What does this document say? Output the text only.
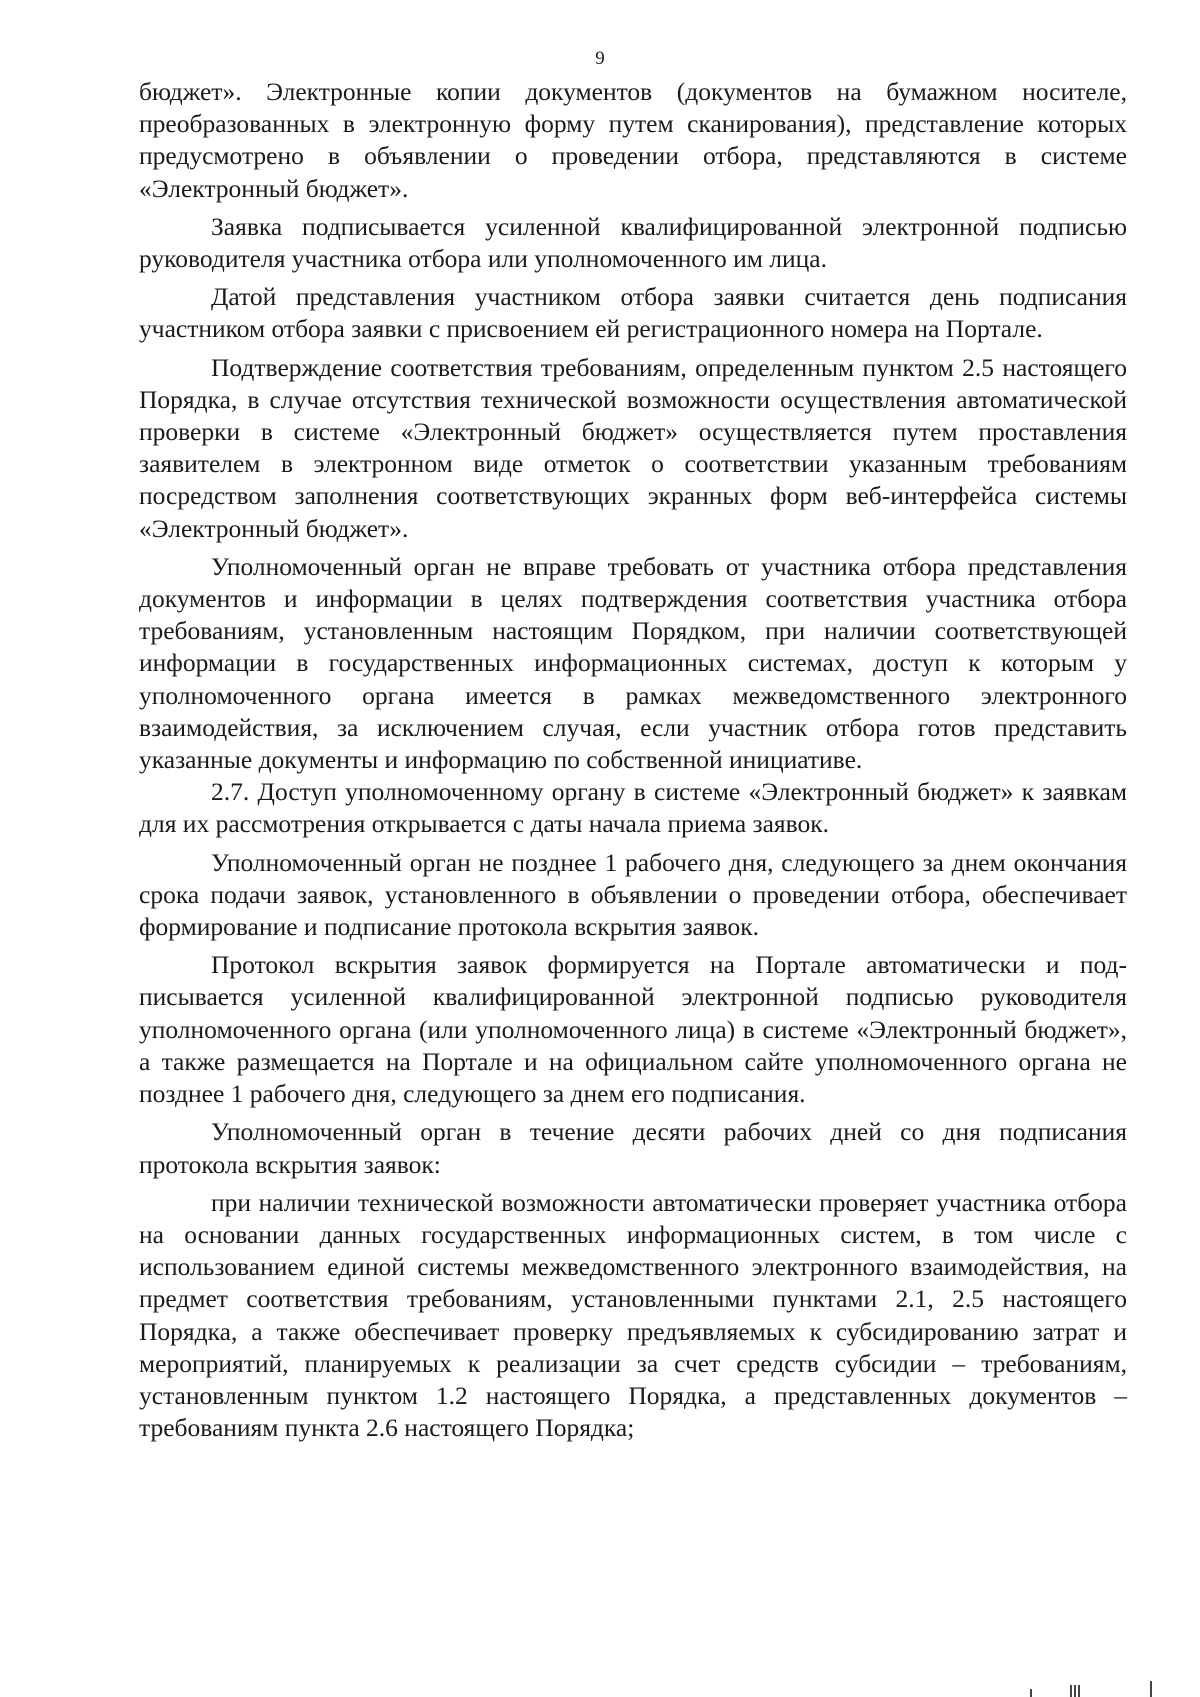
9

бюджет». Электронные копии документов (документов на бумажном носителе, преобразованных в электронную форму путем сканирования), представление которых предусмотрено в объявлении о проведении отбора, представляются в системе «Электронный бюджет».

Заявка подписывается усиленной квалифицированной электронной подписью руководителя участника отбора или уполномоченного им лица.

Датой представления участником отбора заявки считается день подписания участником отбора заявки с присвоением ей регистрационного номера на Портале.

Подтверждение соответствия требованиям, определенным пунктом 2.5 настоящего Порядка, в случае отсутствия технической возможности осуществления автоматической проверки в системе «Электронный бюджет» осуществляется путем проставления заявителем в электронном виде отметок о соответствии указанным требованиям посредством заполнения соответствующих экранных форм веб-интерфейса системы «Электронный бюджет».

Уполномоченный орган не вправе требовать от участника отбора представления документов и информации в целях подтверждения соответствия участника отбора требованиям, установленным настоящим Порядком, при наличии соответствующей информации в государственных информационных системах, доступ к которым у уполномоченного органа имеется в рамках межведомственного электронного взаимодействия, за исключением случая, если участник отбора готов представить указанные документы и информацию по собственной инициативе.

2.7. Доступ уполномоченному органу в системе «Электронный бюджет» к заявкам для их рассмотрения открывается с даты начала приема заявок.

Уполномоченный орган не позднее 1 рабочего дня, следующего за днем окончания срока подачи заявок, установленного в объявлении о проведении отбора, обеспечивает формирование и подписание протокола вскрытия заявок.

Протокол вскрытия заявок формируется на Портале автоматически и подписывается усиленной квалифицированной электронной подписью руководителя уполномоченного органа (или уполномоченного лица) в системе «Электронный бюджет», а также размещается на Портале и на официальном сайте уполномоченного органа не позднее 1 рабочего дня, следующего за днем его подписания.

Уполномоченный орган в течение десяти рабочих дней со дня подписания протокола вскрытия заявок:

при наличии технической возможности автоматически проверяет участника отбора на основании данных государственных информационных систем, в том числе с использованием единой системы межведомственного электронного взаимодействия, на предмет соответствия требованиям, установленными пунктами 2.1, 2.5 настоящего Порядка, а также обеспечивает проверку предъявляемых к субсидированию затрат и мероприятий, планируемых к реализации за счет средств субсидии – требованиям, установленным пунктом 1.2 настоящего Порядка, а представленных документов – требованиям пункта 2.6 настоящего Порядка;
